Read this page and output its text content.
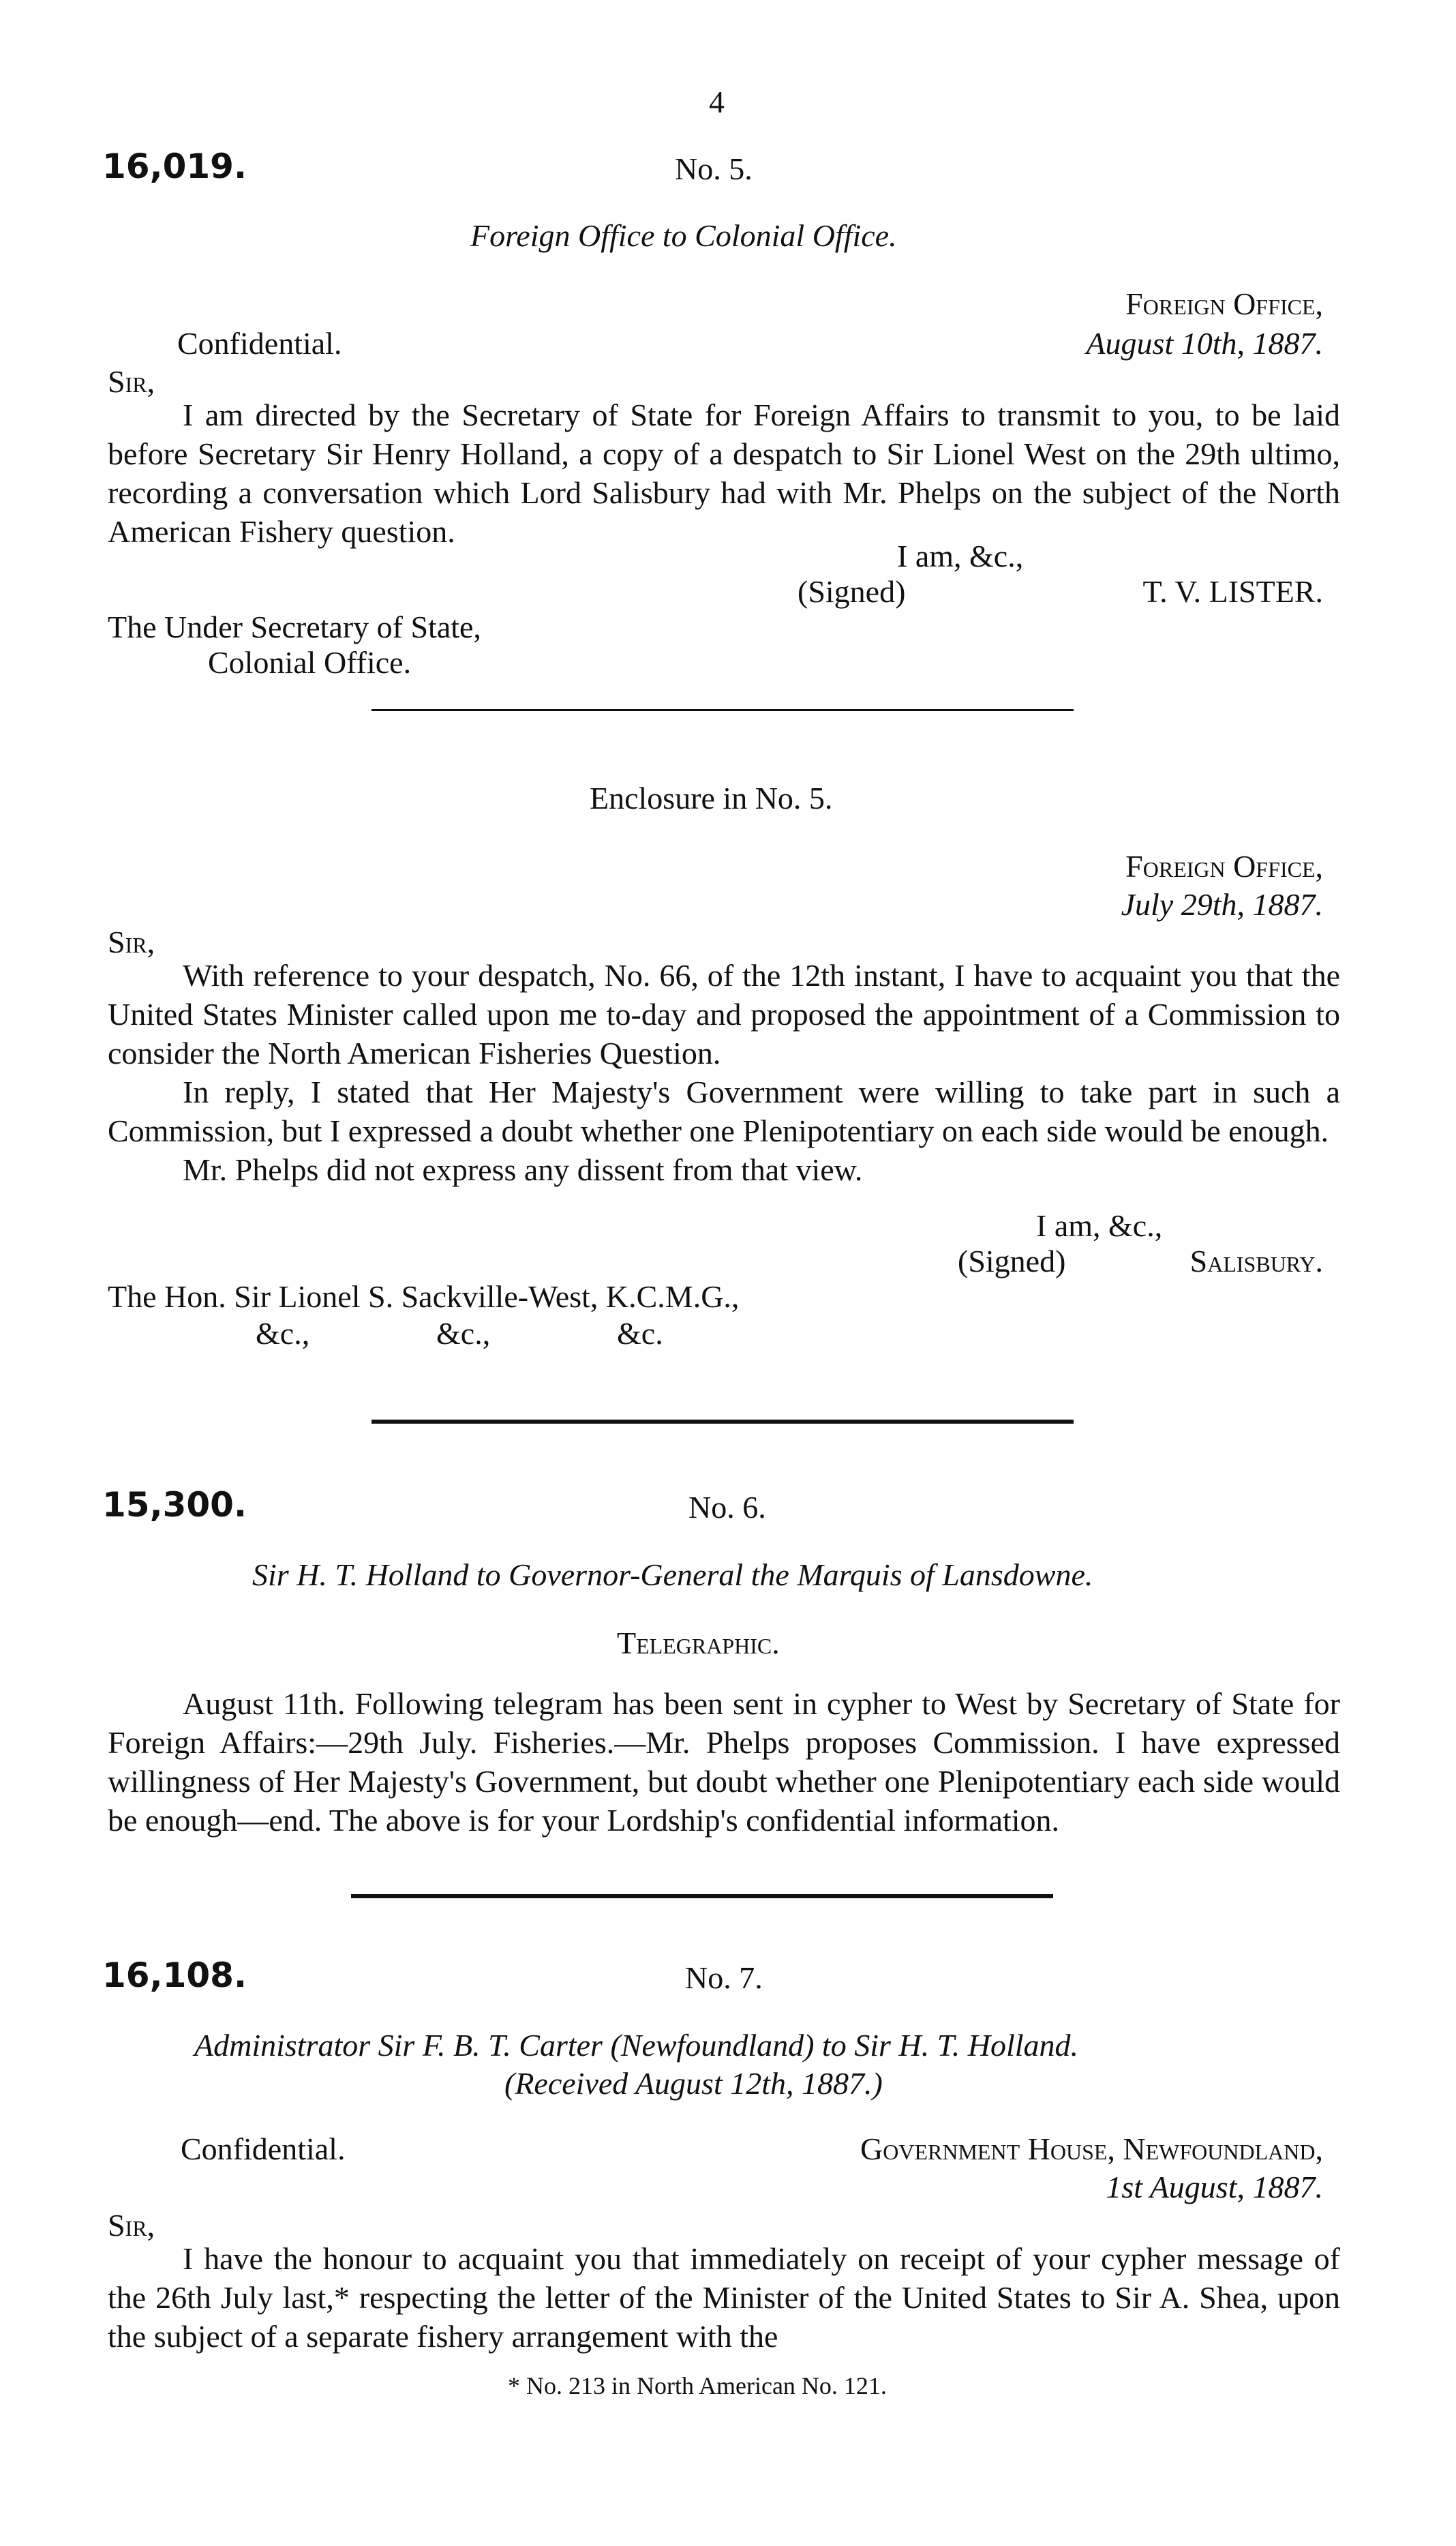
4
16,019.	No. 5.
Foreign Office to Colonial Office.
Foreign Office,
Confidential.	August 10th, 1887.
Sir,

I am directed by the Secretary of State for Foreign Affairs to transmit to you, to be laid before Secretary Sir Henry Holland, a copy of a despatch to Sir Lionel West on the 29th ultimo, recording a conversation which Lord Salisbury had with Mr. Phelps on the subject of the North American Fishery question.

I am, &c.,
(Signed)	T. V. LISTER.
The Under Secretary of State,
Colonial Office.
Enclosure in No. 5.
Foreign Office,
July 29th, 1887.
Sir,

With reference to your despatch, No. 66, of the 12th instant, I have to acquaint you that the United States Minister called upon me to-day and proposed the appointment of a Commission to consider the North American Fisheries Question.

In reply, I stated that Her Majesty's Government were willing to take part in such a Commission, but I expressed a doubt whether one Plenipotentiary on each side would be enough.

Mr. Phelps did not express any dissent from that view.

I am, &c.,
(Signed)	Salisbury.
The Hon. Sir Lionel S. Sackville-West, K.C.M.G.,
&c.,	&c.,	&c.
15,300.	No. 6.
Sir H. T. Holland to Governor-General the Marquis of Lansdowne.
Telegraphic.

August 11th. Following telegram has been sent in cypher to West by Secretary of State for Foreign Affairs:—29th July. Fisheries.—Mr. Phelps proposes Commission. I have expressed willingness of Her Majesty's Government, but doubt whether one Plenipotentiary each side would be enough—end. The above is for your Lordship's confidential information.

16,108.	No. 7.
Administrator Sir F. B. T. Carter (Newfoundland) to Sir H. T. Holland.
(Received August 12th, 1887.)
Confidential.	Government House, Newfoundland,
1st August, 1887.
Sir,

I have the honour to acquaint you that immediately on receipt of your cypher message of the 26th July last,* respecting the letter of the Minister of the United States to Sir A. Shea, upon the subject of a separate fishery arrangement with the

* No. 213 in North American No. 121.
